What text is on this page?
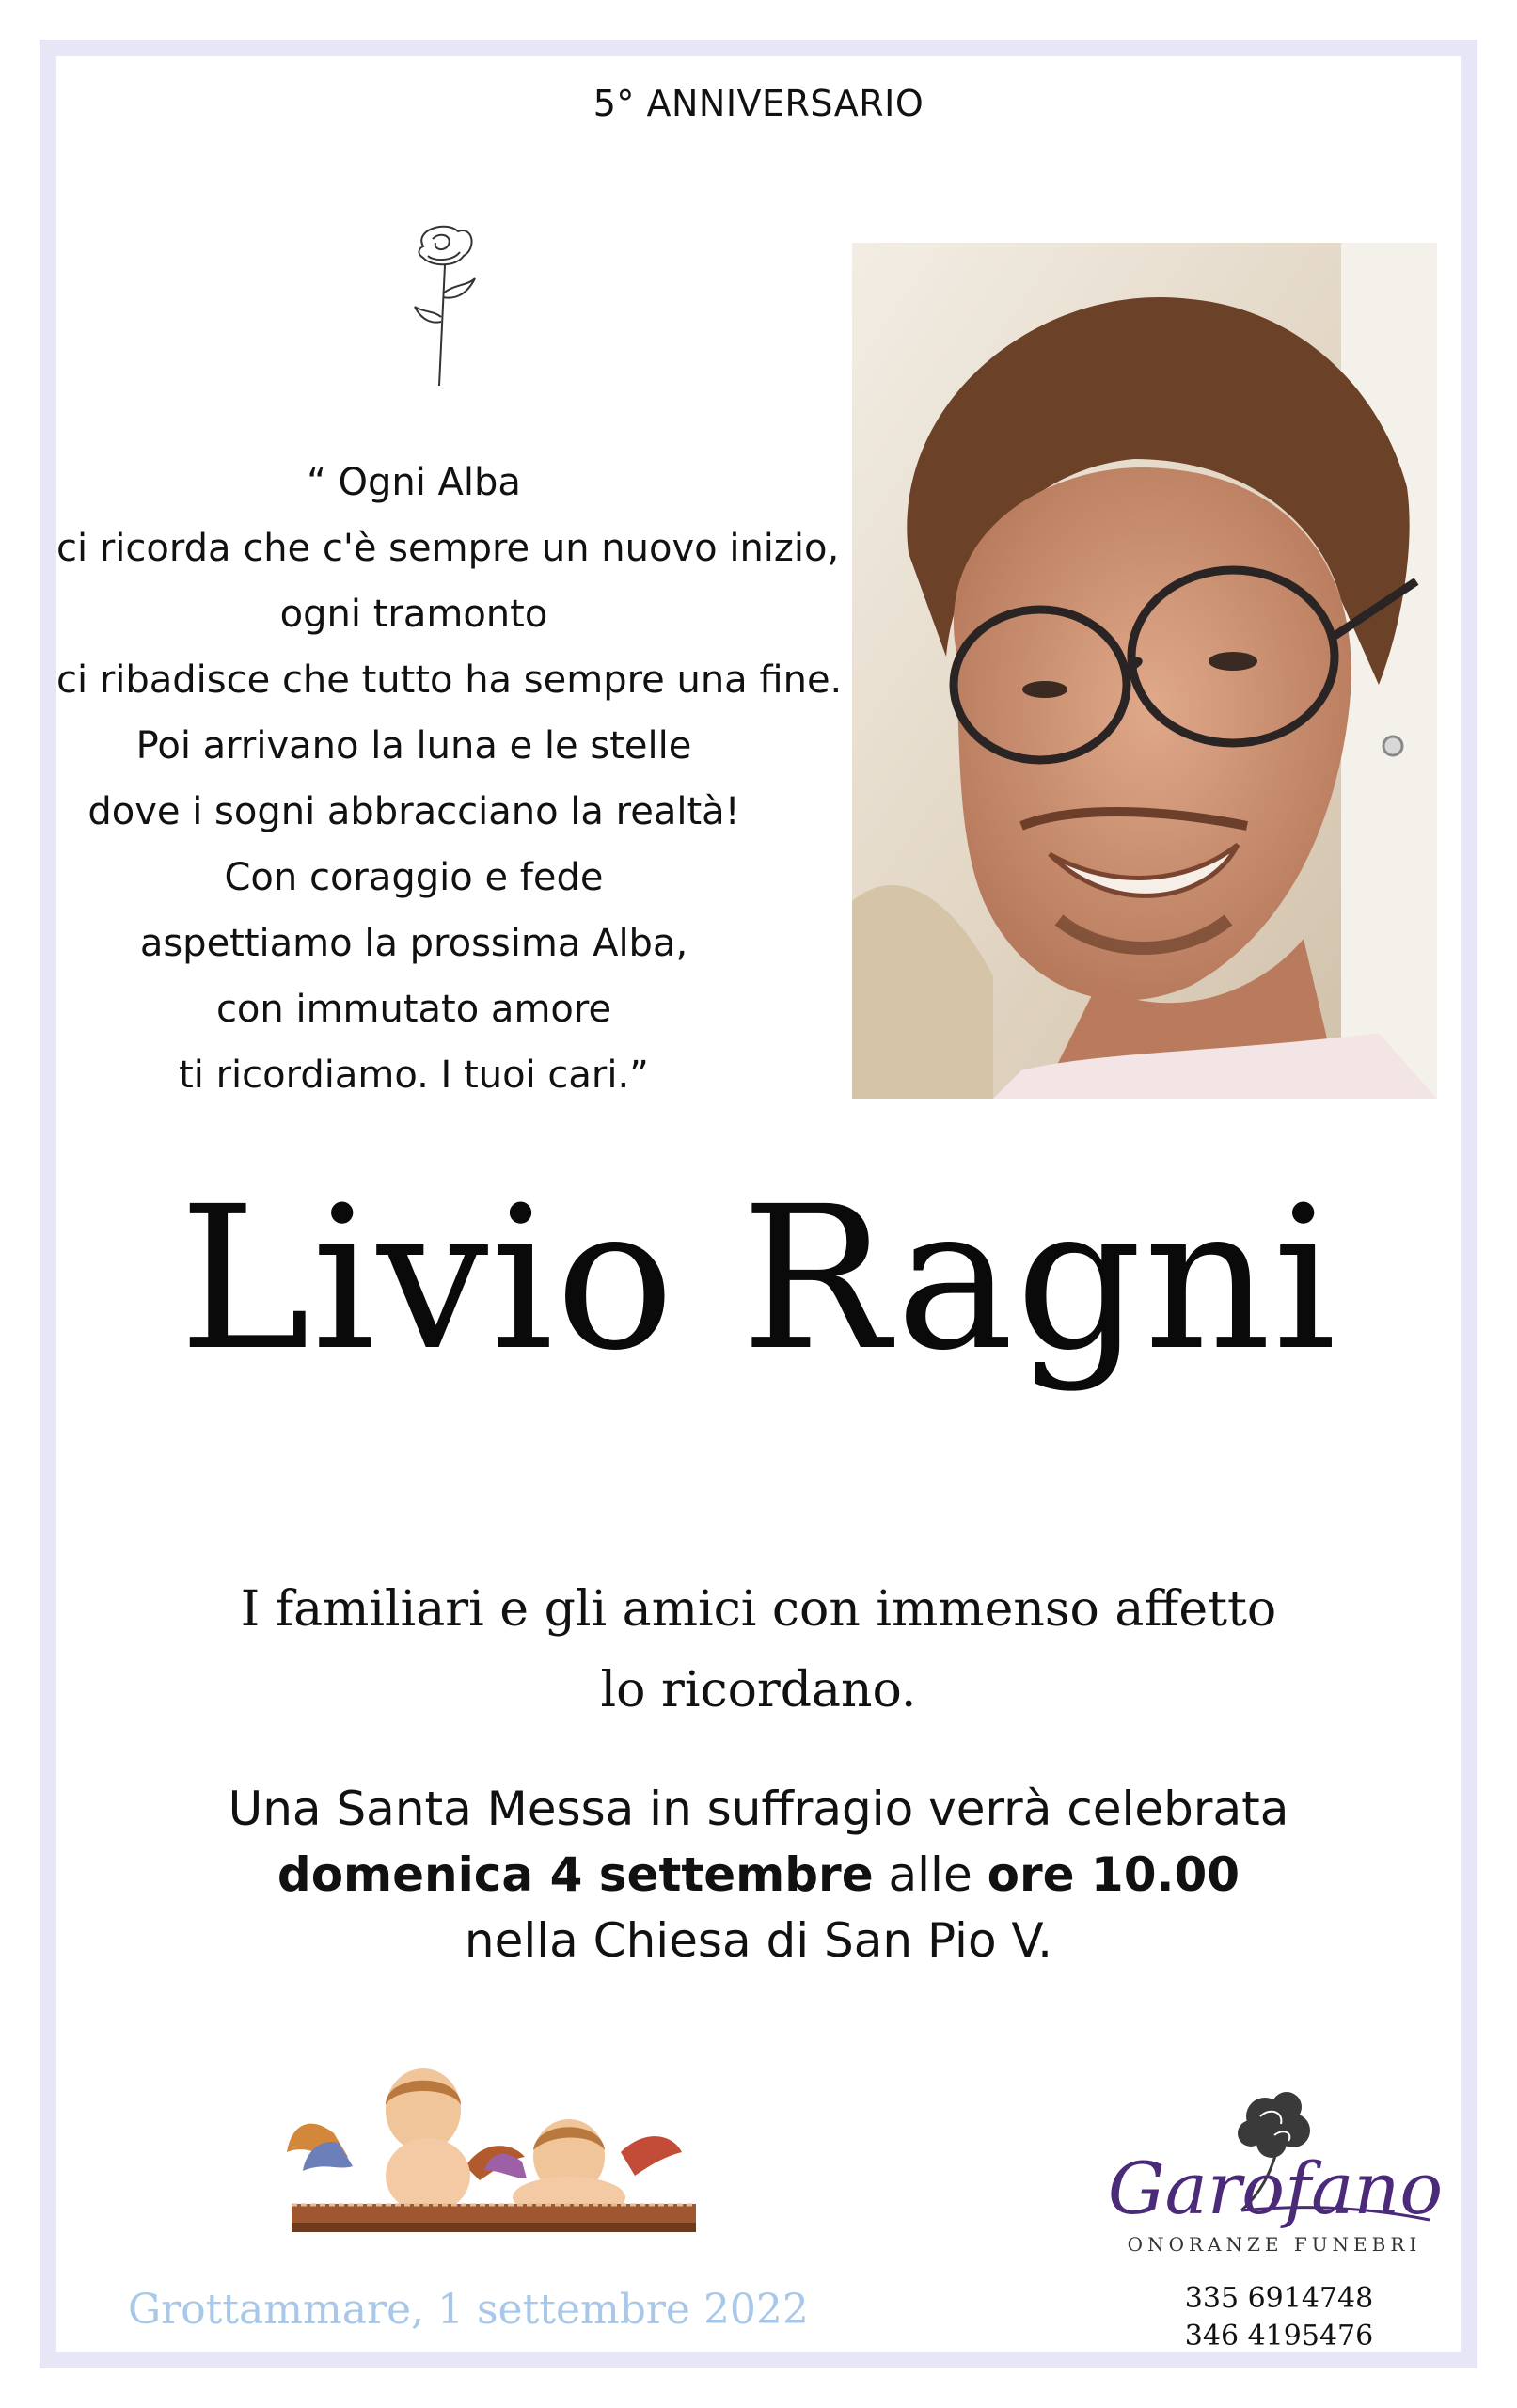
5° ANNIVERSARIO
“ Ogni Alba
ci ricorda che c'è sempre un nuovo inizio,
ogni tramonto
ci ribadisce che tutto ha sempre una fine.
Poi arrivano la luna e le stelle
dove i sogni abbracciano la realtà!
Con coraggio e fede
aspettiamo la prossima Alba,
con immutato amore
ti ricordiamo. I tuoi cari.”
Livio Ragni
I familiari e gli amici con immenso affetto
lo ricordano.
Una Santa Messa in suffragio verrà celebrata
domenica 4 settembre alle ore 10.00
nella Chiesa di San Pio V.
Grottammare, 1 settembre 2022
Garofano
ONORANZE FUNEBRI
335 6914748
346 4195476
